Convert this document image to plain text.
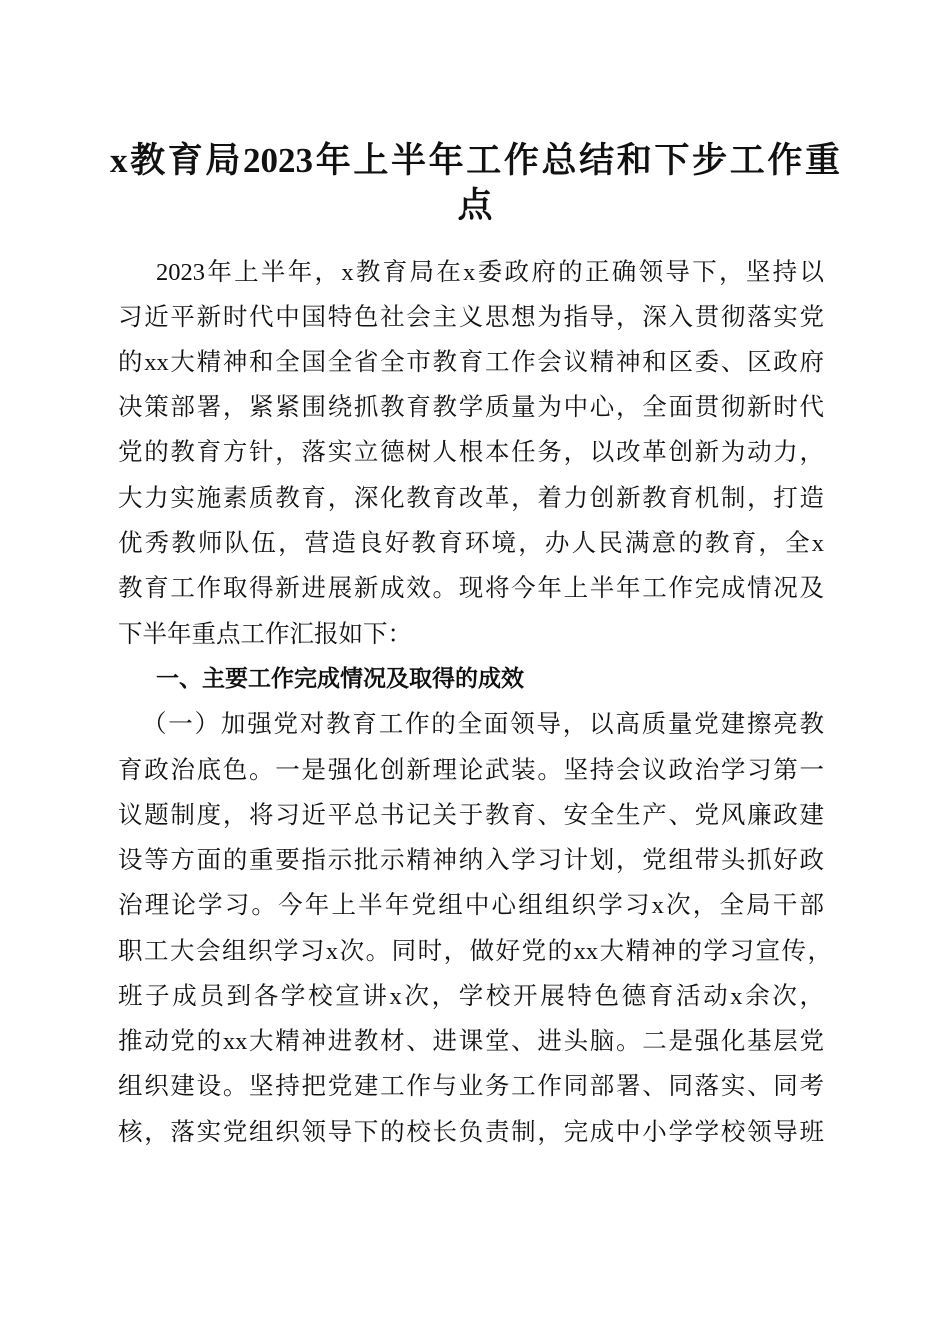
x教育局2023年上半年工作总结和下步工作重
点
2023年上半年，x教育局在x委政府的正确领导下，坚持以
习近平新时代中国特色社会主义思想为指导，深入贯彻落实党
的xx大精神和全国全省全市教育工作会议精神和区委、区政府
决策部署，紧紧围绕抓教育教学质量为中心，全面贯彻新时代
党的教育方针，落实立德树人根本任务，以改革创新为动力，
大力实施素质教育，深化教育改革，着力创新教育机制，打造
优秀教师队伍，营造良好教育环境，办人民满意的教育，全x
教育工作取得新进展新成效。现将今年上半年工作完成情况及
下半年重点工作汇报如下：
一、主要工作完成情况及取得的成效
（一）加强党对教育工作的全面领导，以高质量党建擦亮教
育政治底色。一是强化创新理论武装。坚持会议政治学习第一
议题制度，将习近平总书记关于教育、安全生产、党风廉政建
设等方面的重要指示批示精神纳入学习计划，党组带头抓好政
治理论学习。今年上半年党组中心组组织学习x次，全局干部
职工大会组织学习x次。同时，做好党的xx大精神的学习宣传，
班子成员到各学校宣讲x次，学校开展特色德育活动x余次，
推动党的xx大精神进教材、进课堂、进头脑。二是强化基层党
组织建设。坚持把党建工作与业务工作同部署、同落实、同考
核，落实党组织领导下的校长负责制，完成中小学学校领导班
